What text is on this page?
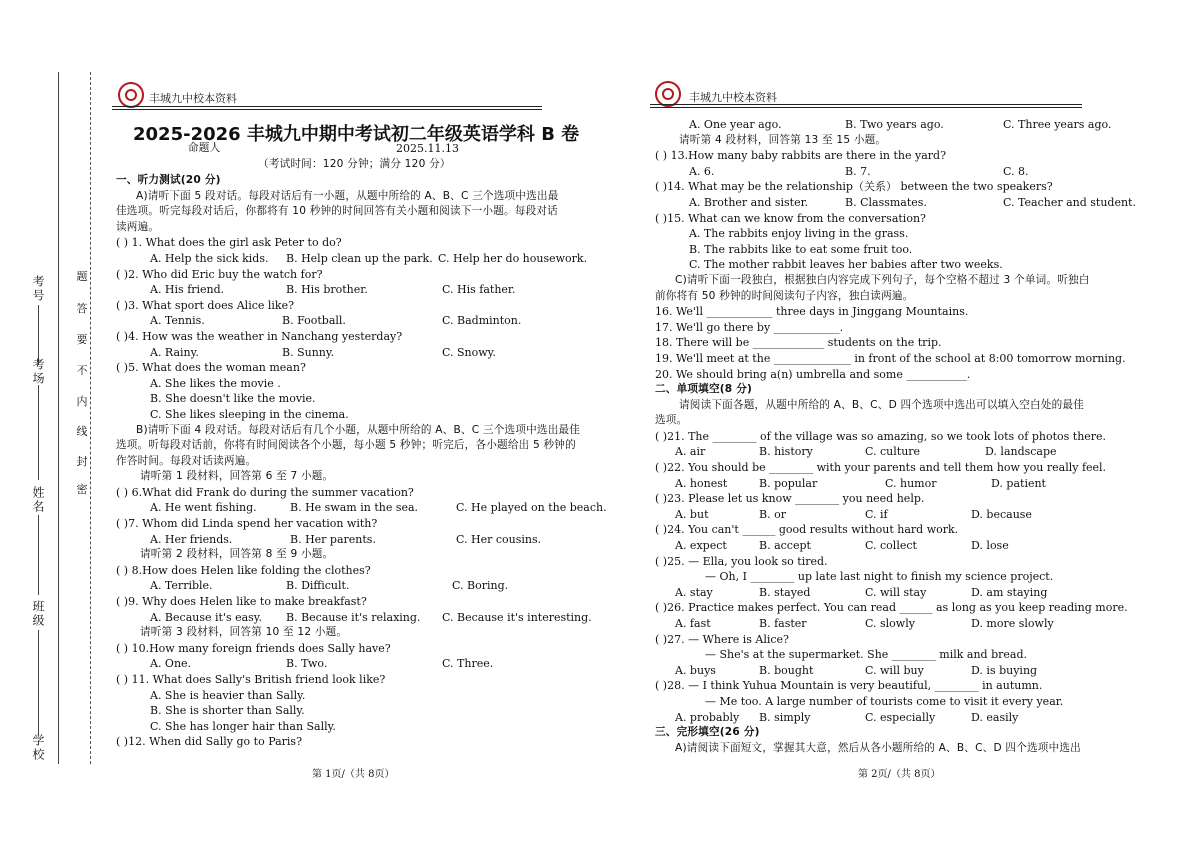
考号
考场
姓名
班级
学校
题
答
要
不
内
线
封
密
丰城九中校本资料
2025-2026 丰城九中期中考试初二年级英语学科 B 卷
命题人	2025.11.13
（考试时间：120 分钟；满分 120 分）
一、听力测试(20 分)
A)请听下面 5 段对话。每段对话后有一小题，从题中所给的 A、B、C 三个选项中选出最
佳选项。听完每段对话后，你都将有 10 秒钟的时间回答有关小题和阅读下一小题。每段对话
读两遍。
( ) 1. What does the girl ask Peter to do?
A. Help the sick kids. B. Help clean up the park. C. Help her do housework.
( )2. Who did Eric buy the watch for?
A. His friend.	B. His brother.	C. His father.
( )3. What sport does Alice like?
A. Tennis.	B. Football.	C. Badminton.
( )4. How was the weather in Nanchang yesterday?
A. Rainy.	B. Sunny.	C. Snowy.
( )5. What does the woman mean?
A. She likes the movie .
B. She doesn't like the movie.
C. She likes sleeping in the cinema.
B)请听下面 4 段对话。每段对话后有几个小题，从题中所给的 A、B、C 三个选项中选出最佳
选项。听每段对话前，你将有时间阅读各个小题，每小题 5 秒钟；听完后，各小题给出 5 秒钟的
作答时间。每段对话读两遍。
请听第 1 段材料，回答第 6 至 7 小题。
( ) 6.What did Frank do during the summer vacation?
A. He went fishing.	B. He swam in the sea.	C. He played on the beach.
( )7. Whom did Linda spend her vacation with?
A. Her friends.	B. Her parents.	C. Her cousins.
请听第 2 段材料，回答第 8 至 9 小题。
( ) 8.How does Helen like folding the clothes?
A. Terrible.	B. Difficult.	C. Boring.
( )9. Why does Helen like to make breakfast?
A. Because it's easy. B. Because it's relaxing. C. Because it's interesting.
请听第 3 段材料，回答第 10 至 12 小题。
( ) 10.How many foreign friends does Sally have?
A. One.	B. Two.	C. Three.
( ) 11. What does Sally's British friend look like?
A. She is heavier than Sally.
B. She is shorter than Sally.
C. She has longer hair than Sally.
( )12. When did Sally go to Paris?
第 1页/（共 8页）
丰城九中校本资料
A. One year ago.	B. Two years ago.	C. Three years ago.
请听第 4 段材料，回答第 13 至 15 小题。
( ) 13.How many baby rabbits are there in the yard?
A. 6.	B. 7.	C. 8.
( )14. What may be the relationship（关系） between the two speakers?
A. Brother and sister.	B. Classmates.	C. Teacher and student.
( )15. What can we know from the conversation?
A. The rabbits enjoy living in the grass.
B. The rabbits like to eat some fruit too.
C. The mother rabbit leaves her babies after two weeks.
C)请听下面一段独白，根据独白内容完成下列句子，每个空格不超过 3 个单词。听独白
前你将有 50 秒钟的时间阅读句子内容，独白读两遍。
16. We'll ____________ three days in Jinggang Mountains.
17. We'll go there by ____________.
18. There will be _____________ students on the trip.
19. We'll meet at the ______________ in front of the school at 8:00 tomorrow morning.
20. We should bring a(n) umbrella and some ___________.
二、单项填空(8 分)
请阅读下面各题，从题中所给的 A、B、C、D 四个选项中选出可以填入空白处的最佳
选项。
( )21. The ________ of the village was so amazing, so we took lots of photos there.
A. air	B. history	C. culture	D. landscape
( )22. You should be ________ with your parents and tell them how you really feel.
A. honest	B. popular	C. humor	D. patient
( )23. Please let us know ________ you need help.
A. but	B. or	C. if	D. because
( )24. You can't ______ good results without hard work.
A. expect	B. accept	C. collect	D. lose
( )25. — Ella, you look so tired.
— Oh, I ________ up late last night to finish my science project.
A. stay	B. stayed	C. will stay	D. am staying
( )26. Practice makes perfect. You can read ______ as long as you keep reading more.
A. fast	B. faster	C. slowly	D. more slowly
( )27. — Where is Alice?
— She's at the supermarket. She ________ milk and bread.
A. buys	B. bought	C. will buy	D. is buying
( )28. — I think Yuhua Mountain is very beautiful, ________ in autumn.
— Me too. A large number of tourists come to visit it every year.
A. probably B. simply	C. especially	D. easily
三、完形填空(26 分)
A)请阅读下面短文，掌握其大意，然后从各小题所给的 A、B、C、D 四个选项中选出
第 2页/（共 8页）
